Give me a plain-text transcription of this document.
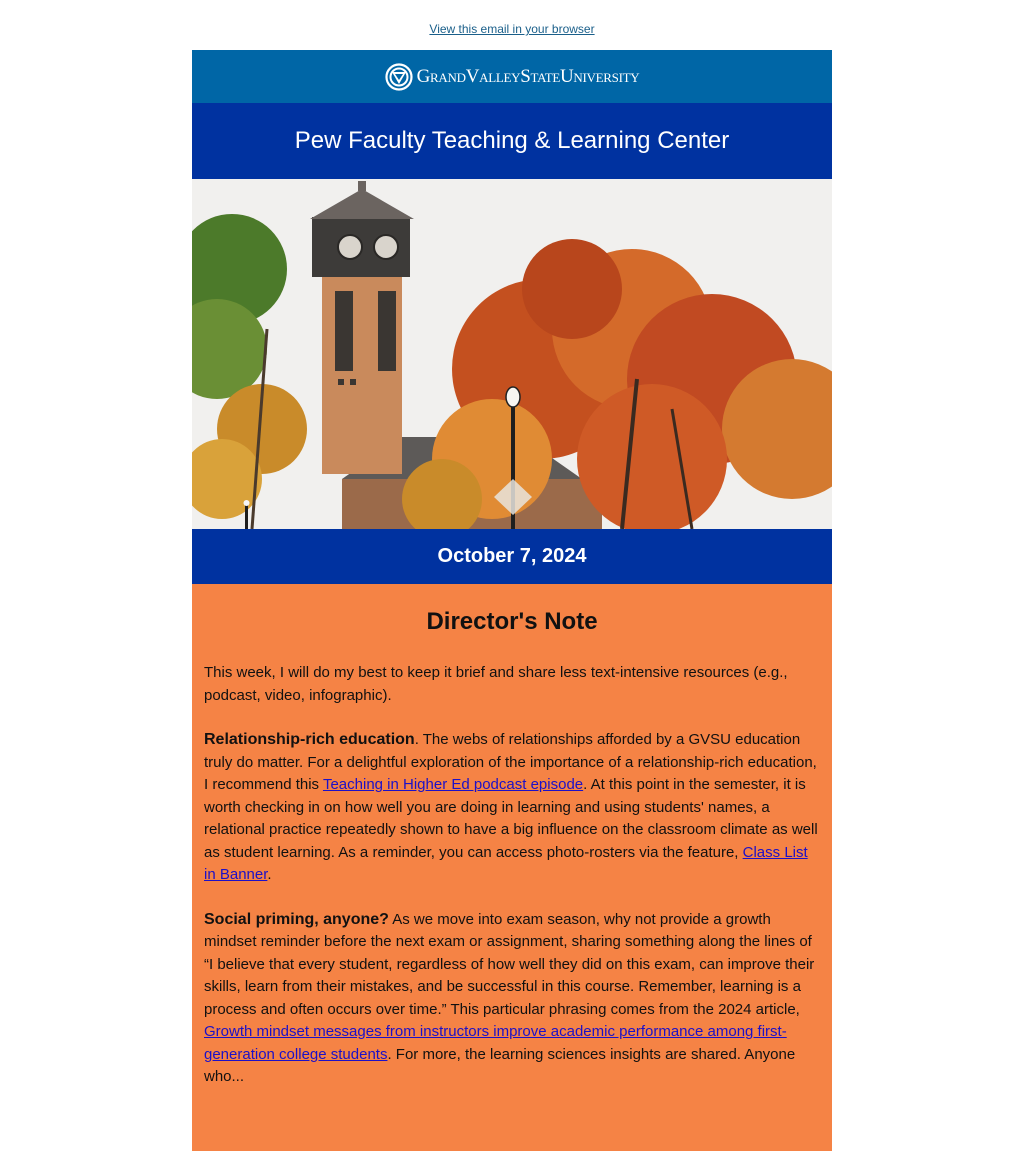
View this email in your browser
GrandValleyStateUniversity
Pew Faculty Teaching & Learning Center
October 7, 2024
Director's Note

This week, I will do my best to keep it brief and share less text-intensive resources (e.g., podcast, video, infographic).

Relationship-rich education. The webs of relationships afforded by a GVSU education truly do matter. For a delightful exploration of the importance of a relationship-rich education, I recommend this Teaching in Higher Ed podcast episode. At this point in the semester, it is worth checking in on how well you are doing in learning and using students' names, a relational practice repeatedly shown to have a big influence on the classroom climate as well as student learning. As a reminder, you can access photo-rosters via the feature, Class List in Banner.

Social priming, anyone? As we move into exam season, why not provide a growth mindset reminder before the next exam or assignment, sharing something along the lines of “I believe that every student, regardless of how well they did on this exam, can improve their skills, learn from their mistakes, and be successful in this course. Remember, learning is a process and often occurs over time.” This particular phrasing comes from the 2024 article, Growth mindset messages from instructors improve academic performance among first-generation college students. For more, the learning sciences insights are shared. Anyone who...
